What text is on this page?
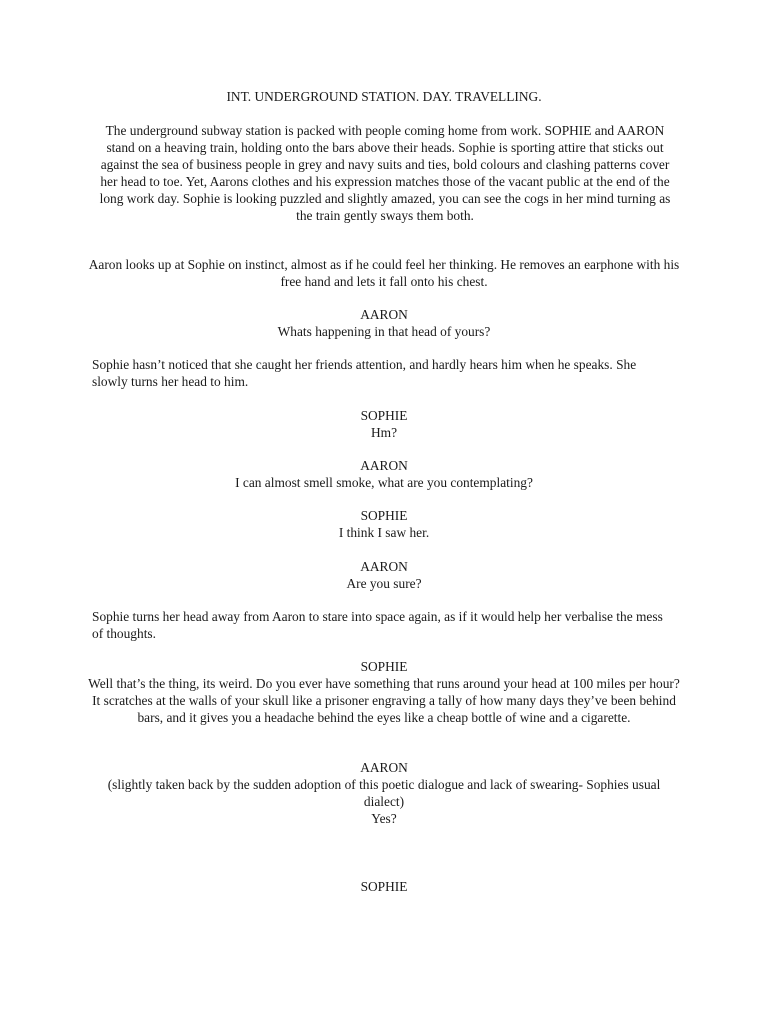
INT. UNDERGROUND STATION. DAY. TRAVELLING.

The underground subway station is packed with people coming home from work. SOPHIE and AARON stand on a heaving train, holding onto the bars above their heads. Sophie is sporting attire that sticks out against the sea of business people in grey and navy suits and ties, bold colours and clashing patterns cover her head to toe. Yet, Aarons clothes and his expression matches those of the vacant public at the end of the long work day. Sophie is looking puzzled and slightly amazed, you can see the cogs in her mind turning as the train gently sways them both.

Aaron looks up at Sophie on instinct, almost as if he could feel her thinking. He removes an earphone with his free hand and lets it fall onto his chest.

AARON
Whats happening in that head of yours?

Sophie hasn’t noticed that she caught her friends attention, and hardly hears him when he speaks. She slowly turns her head to him.

SOPHIE
Hm?
AARON
I can almost smell smoke, what are you contemplating?
SOPHIE
I think I saw her.
AARON
Are you sure?

Sophie turns her head away from Aaron to stare into space again, as if it would help her verbalise the mess of thoughts.

SOPHIE
Well that’s the thing, its weird. Do you ever have something that runs around your head at 100 miles per hour? It scratches at the walls of your skull like a prisoner engraving a tally of how many days they’ve been behind bars, and it gives you a headache behind the eyes like a cheap bottle of wine and a cigarette.
AARON
(slightly taken back by the sudden adoption of this poetic dialogue and lack of swearing- Sophies usual dialect)
Yes?
SOPHIE
